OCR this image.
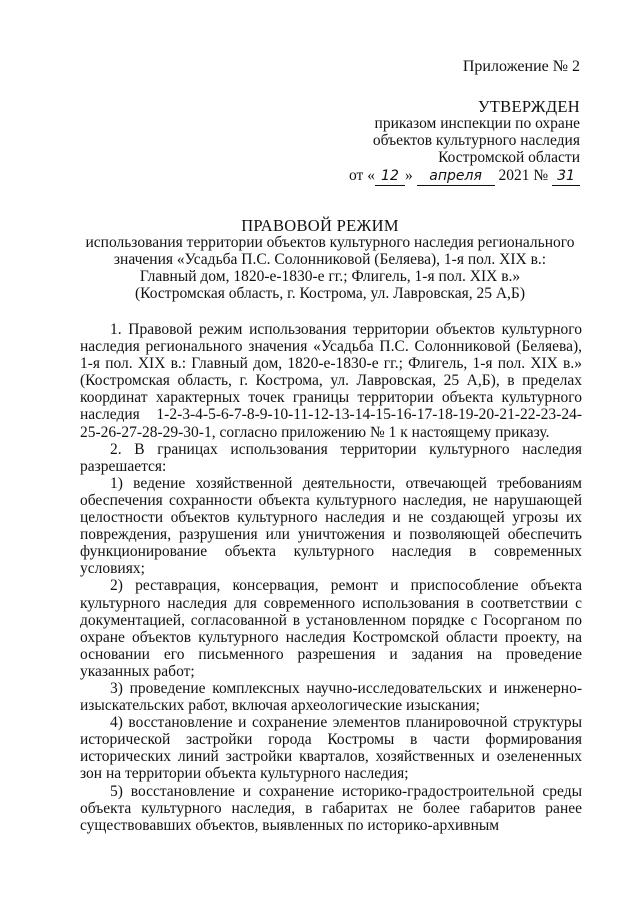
Приложение № 2
УТВЕРЖДЕН
приказом инспекции по охране
объектов культурного наследия
Костромской области
от « 12 » апреля 2021 № 31
ПРАВОВОЙ РЕЖИМ
использования территории объектов культурного наследия регионального
значения «Усадьба П.С. Солонниковой (Беляева), 1-я пол. XIX в.:
Главный дом, 1820-е-1830-е гг.; Флигель, 1-я пол. XIX в.»
(Костромская область, г. Кострома, ул. Лавровская, 25 А,Б)

1. Правовой режим использования территории объектов культурного наследия регионального значения «Усадьба П.С. Солонниковой (Беляева), 1-я пол. XIX в.: Главный дом, 1820-е-1830-е гг.; Флигель, 1-я пол. XIX в.» (Костромская область, г. Кострома, ул. Лавровская, 25 А,Б), в пределах координат характерных точек границы территории объекта культурного наследия 1-2-3-4-5-6-7-8-9-10-11-12-13-14-15-16-17-18-19-20-21-22-23-24-25-26-27-28-29-30-1, согласно приложению № 1 к настоящему приказу.

2. В границах использования территории культурного наследия разрешается:

1) ведение хозяйственной деятельности, отвечающей требованиям обеспечения сохранности объекта культурного наследия, не нарушающей целостности объектов культурного наследия и не создающей угрозы их повреждения, разрушения или уничтожения и позволяющей обеспечить функционирование объекта культурного наследия в современных условиях;

2) реставрация, консервация, ремонт и приспособление объекта культурного наследия для современного использования в соответствии с документацией, согласованной в установленном порядке с Госорганом по охране объектов культурного наследия Костромской области проекту, на основании его письменного разрешения и задания на проведение указанных работ;

3) проведение комплексных научно-исследовательских и инженерно-изыскательских работ, включая археологические изыскания;

4) восстановление и сохранение элементов планировочной структуры исторической застройки города Костромы в части формирования исторических линий застройки кварталов, хозяйственных и озелененных зон на территории объекта культурного наследия;

5) восстановление и сохранение историко-градостроительной среды объекта культурного наследия, в габаритах не более габаритов ранее существовавших объектов, выявленных по историко-архивным
